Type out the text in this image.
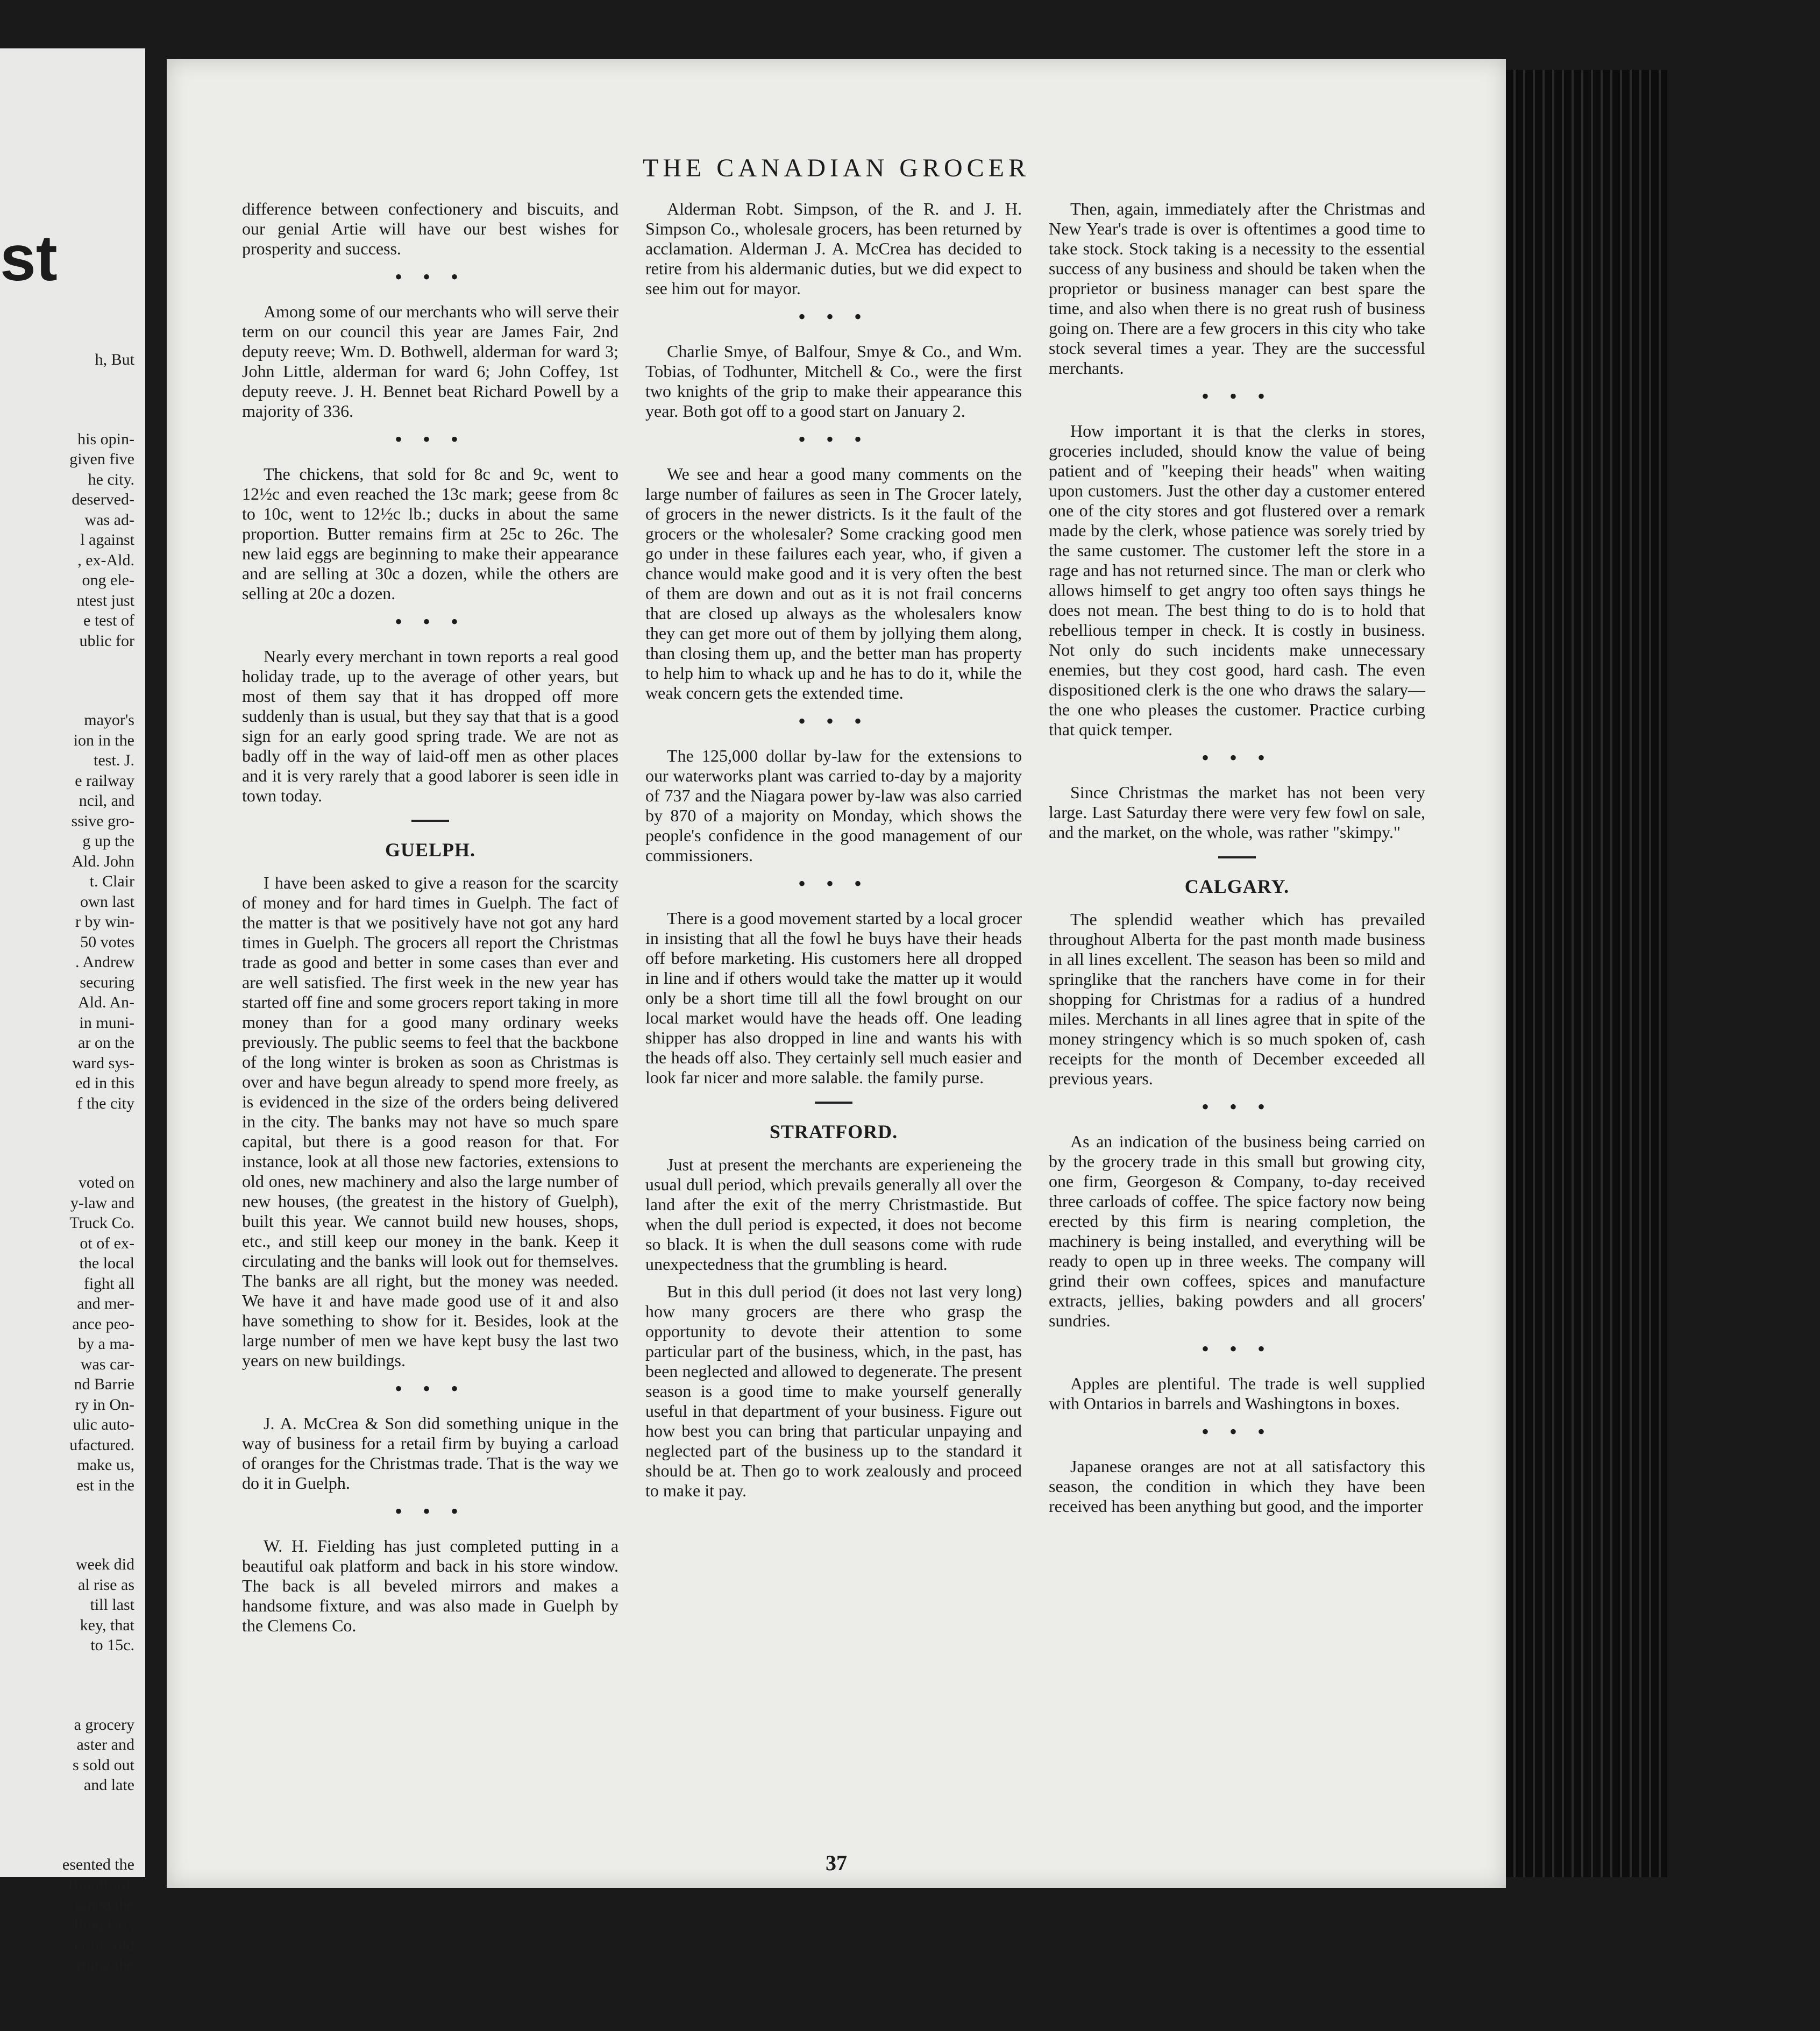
st
h, But
his opin-
given five
he city.
deserved-
was ad-
l against
, ex-Ald.
ong ele-
ntest just
e test of
ublic for
mayor's
ion in the
test. J.
e railway
ncil, and
ssive gro-
g up the
Ald. John
t. Clair
own last
r by win-
50 votes
. Andrew
securing
Ald. An-
in muni-
ar on the
ward sys-
ed in this
f the city
voted on
y-law and
Truck Co.
ot of ex-
the local
fight all
and mer-
ance peo-
by a ma-
was car-
nd Barrie
ry in On-
ulic auto-
ufactured.
make us,
est in the
week did
al rise as
till last
key, that
to 15c.
a grocery
aster and
s sold out
and late
esented the
Brantford,
oined the
lling Co.,
er his old
rning the
THE CANADIAN GROCER

difference between confectionery and biscuits, and our genial Artie will have our best wishes for prosperity and success.

• • •

Among some of our merchants who will serve their term on our council this year are James Fair, 2nd deputy reeve; Wm. D. Bothwell, alderman for ward 3; John Little, alderman for ward 6; John Coffey, 1st deputy reeve. J. H. Bennet beat Richard Powell by a majority of 336.

• • •

The chickens, that sold for 8c and 9c, went to 12½c and even reached the 13c mark; geese from 8c to 10c, went to 12½c lb.; ducks in about the same proportion. Butter remains firm at 25c to 26c. The new laid eggs are beginning to make their appearance and are selling at 30c a dozen, while the others are selling at 20c a dozen.

• • •

Nearly every merchant in town reports a real good holiday trade, up to the average of other years, but most of them say that it has dropped off more suddenly than is usual, but they say that that is a good sign for an early good spring trade. We are not as badly off in the way of laid-off men as other places and it is very rarely that a good laborer is seen idle in town today.

GUELPH.

I have been asked to give a reason for the scarcity of money and for hard times in Guelph. The fact of the matter is that we positively have not got any hard times in Guelph. The grocers all report the Christmas trade as good and better in some cases than ever and are well satisfied. The first week in the new year has started off fine and some grocers report taking in more money than for a good many ordinary weeks previously. The public seems to feel that the backbone of the long winter is broken as soon as Christmas is over and have begun already to spend more freely, as is evidenced in the size of the orders being delivered in the city. The banks may not have so much spare capital, but there is a good reason for that. For instance, look at all those new factories, extensions to old ones, new machinery and also the large number of new houses, (the greatest in the history of Guelph), built this year. We cannot build new houses, shops, etc., and still keep our money in the bank. Keep it circulating and the banks will look out for themselves. The banks are all right, but the money was needed. We have it and have made good use of it and also have something to show for it. Besides, look at the large number of men we have kept busy the last two years on new buildings.

• • •

J. A. McCrea & Son did something unique in the way of business for a retail firm by buying a carload of oranges for the Christmas trade. That is the way we do it in Guelph.

• • •

W. H. Fielding has just completed putting in a beautiful oak platform and back in his store window. The back is all beveled mirrors and makes a handsome fixture, and was also made in Guelph by the Clemens Co.

Alderman Robt. Simpson, of the R. and J. H. Simpson Co., wholesale grocers, has been returned by acclamation. Alderman J. A. McCrea has decided to retire from his aldermanic duties, but we did expect to see him out for mayor.

• • •

Charlie Smye, of Balfour, Smye & Co., and Wm. Tobias, of Todhunter, Mitchell & Co., were the first two knights of the grip to make their appearance this year. Both got off to a good start on January 2.

• • •

We see and hear a good many comments on the large number of failures as seen in The Grocer lately, of grocers in the newer districts. Is it the fault of the grocers or the wholesaler? Some cracking good men go under in these failures each year, who, if given a chance would make good and it is very often the best of them are down and out as it is not frail concerns that are closed up always as the wholesalers know they can get more out of them by jollying them along, than closing them up, and the better man has property to help him to whack up and he has to do it, while the weak concern gets the extended time.

• • •

The 125,000 dollar by-law for the extensions to our waterworks plant was carried to-day by a majority of 737 and the Niagara power by-law was also carried by 870 of a majority on Monday, which shows the people's confidence in the good management of our commissioners.

• • •

There is a good movement started by a local grocer in insisting that all the fowl he buys have their heads off before marketing. His customers here all dropped in line and if others would take the matter up it would only be a short time till all the fowl brought on our local market would have the heads off. One leading shipper has also dropped in line and wants his with the heads off also. They certainly sell much easier and look far nicer and more salable. the family purse.

STRATFORD.

Just at present the merchants are experieneing the usual dull period, which prevails generally all over the land after the exit of the merry Christmastide. But when the dull period is expected, it does not become so black. It is when the dull seasons come with rude unexpectedness that the grumbling is heard.

But in this dull period (it does not last very long) how many grocers are there who grasp the opportunity to devote their attention to some particular part of the business, which, in the past, has been neglected and allowed to degenerate. The present season is a good time to make yourself generally useful in that department of your business. Figure out how best you can bring that particular unpaying and neglected part of the business up to the standard it should be at. Then go to work zealously and proceed to make it pay.

Then, again, immediately after the Christmas and New Year's trade is over is oftentimes a good time to take stock. Stock taking is a necessity to the essential success of any business and should be taken when the proprietor or business manager can best spare the time, and also when there is no great rush of business going on. There are a few grocers in this city who take stock several times a year. They are the successful merchants.

• • •

How important it is that the clerks in stores, groceries included, should know the value of being patient and of "keeping their heads" when waiting upon customers. Just the other day a customer entered one of the city stores and got flustered over a remark made by the clerk, whose patience was sorely tried by the same customer. The customer left the store in a rage and has not returned since. The man or clerk who allows himself to get angry too often says things he does not mean. The best thing to do is to hold that rebellious temper in check. It is costly in business. Not only do such incidents make unnecessary enemies, but they cost good, hard cash. The even dispositioned clerk is the one who draws the salary—the one who pleases the customer. Practice curbing that quick temper.

• • •

Since Christmas the market has not been very large. Last Saturday there were very few fowl on sale, and the market, on the whole, was rather "skimpy."

CALGARY.

The splendid weather which has prevailed throughout Alberta for the past month made business in all lines excellent. The season has been so mild and springlike that the ranchers have come in for their shopping for Christmas for a radius of a hundred miles. Merchants in all lines agree that in spite of the money stringency which is so much spoken of, cash receipts for the month of December exceeded all previous years.

• • •

As an indication of the business being carried on by the grocery trade in this small but growing city, one firm, Georgeson & Company, to-day received three carloads of coffee. The spice factory now being erected by this firm is nearing completion, the machinery is being installed, and everything will be ready to open up in three weeks. The company will grind their own coffees, spices and manufacture extracts, jellies, baking powders and all grocers' sundries.

• • •

Apples are plentiful. The trade is well supplied with Ontarios in barrels and Washingtons in boxes.

• • •

Japanese oranges are not at all satisfactory this season, the condition in which they have been received has been anything but good, and the importer

37
